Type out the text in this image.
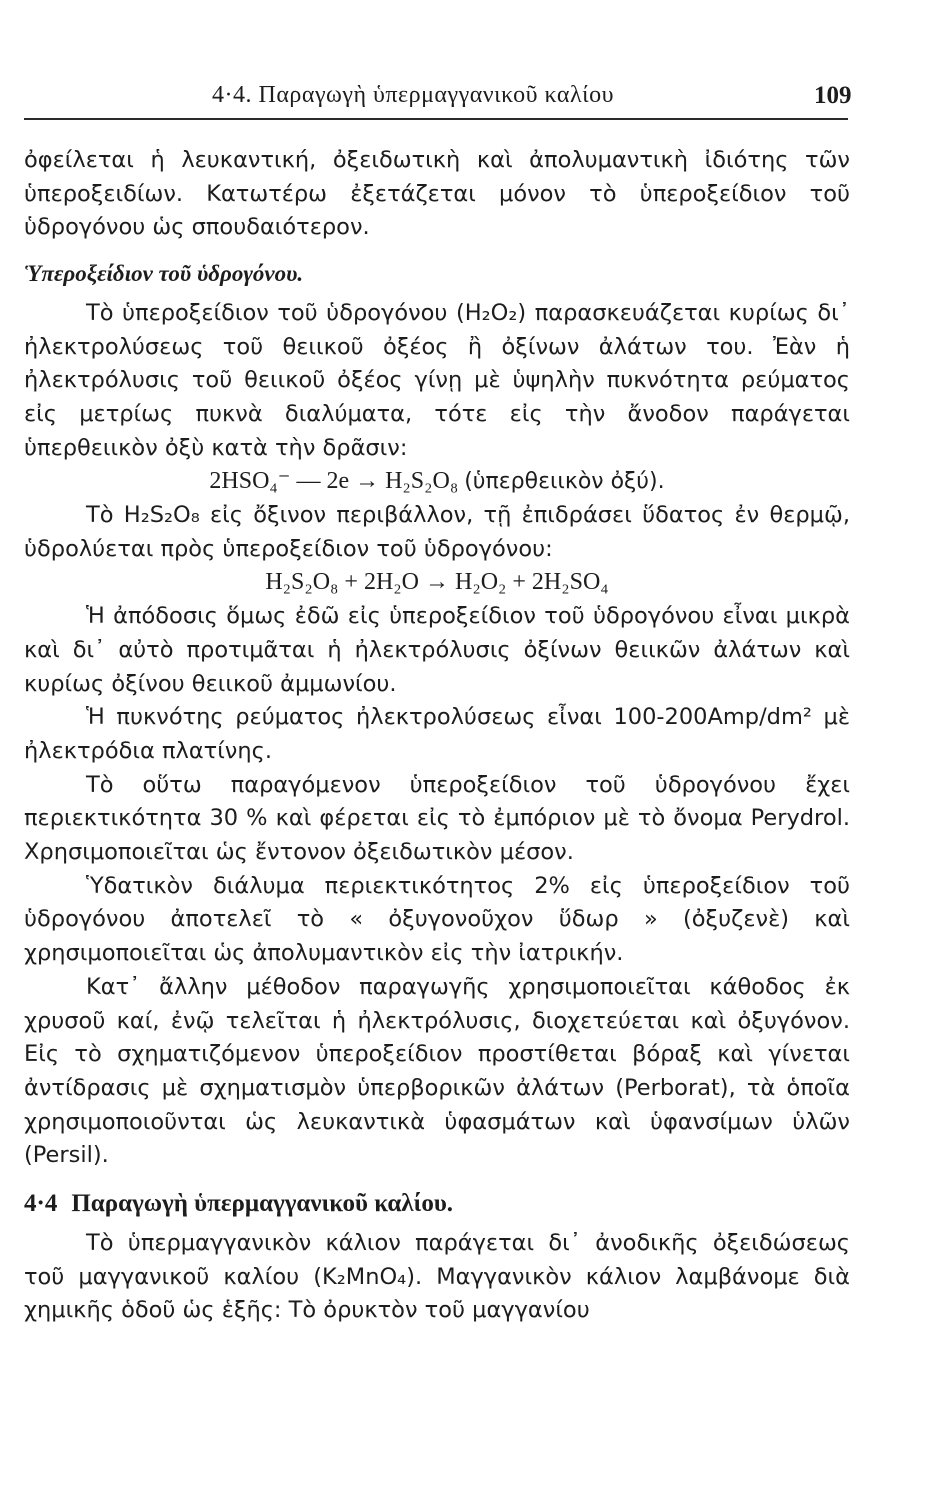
4·4. Παραγωγὴ ὑπερμαγγανικοῦ καλίου	109

ὀφείλεται ἡ λευκαντική, ὀξειδωτικὴ καὶ ἀπολυμαντικὴ ἰδιότης τῶν ὑπεροξειδίων. Κατωτέρω ἐξετάζεται μόνον τὸ ὑπεροξείδιον τοῦ ὑδρογόνου ὡς σπουδαιότερον.

Ὑπεροξείδιον τοῦ ὑδρογόνου.

Τὸ ὑπεροξείδιον τοῦ ὑδρογόνου (H₂O₂) παρασκευάζεται κυρίως δι᾽ ἠλεκτρολύσεως τοῦ θειικοῦ ὀξέος ἢ ὀξίνων ἀλάτων του. Ἐὰν ἡ ἠλεκτρόλυσις τοῦ θειικοῦ ὀξέος γίνῃ μὲ ὑψηλὴν πυκνότητα ρεύματος εἰς μετρίως πυκνὰ διαλύματα, τότε εἰς τὴν ἄνοδον παράγεται ὑπερθειικὸν ὀξὺ κατὰ τὴν δρᾶσιν:

2HSO₄⁻ — 2e → H₂S₂O₈ (ὑπερθειικὸν ὀξύ).

Τὸ H₂S₂O₈ εἰς ὄξινον περιβάλλον, τῇ ἐπιδράσει ὕδατος ἐν θερμῷ, ὑδρολύεται πρὸς ὑπεροξείδιον τοῦ ὑδρογόνου:

H₂S₂O₈ + 2H₂O → H₂O₂ + 2H₂SO₄

Ἡ ἀπόδοσις ὅμως ἐδῶ εἰς ὑπεροξείδιον τοῦ ὑδρογόνου εἶναι μικρὰ καὶ δι᾽ αὐτὸ προτιμᾶται ἡ ἠλεκτρόλυσις ὀξίνων θειικῶν ἀλάτων καὶ κυρίως ὀξίνου θειικοῦ ἀμμωνίου.

Ἡ πυκνότης ρεύματος ἠλεκτρολύσεως εἶναι 100-200Amp/dm² μὲ ἠλεκτρόδια πλατίνης.

Τὸ οὕτω παραγόμενον ὑπεροξείδιον τοῦ ὑδρογόνου ἔχει περιεκτικότητα 30 % καὶ φέρεται εἰς τὸ ἐμπόριον μὲ τὸ ὄνομα Perydrol. Χρησιμοποιεῖται ὡς ἔντονον ὀξειδωτικὸν μέσον.

Ὑδατικὸν διάλυμα περιεκτικότητος 2% εἰς ὑπεροξείδιον τοῦ ὑδρογόνου ἀποτελεῖ τὸ « ὀξυγονοῦχον ὕδωρ » (ὀξυζενὲ) καὶ χρησιμοποιεῖται ὡς ἀπολυμαντικὸν εἰς τὴν ἰατρικήν.

Κατ᾽ ἄλλην μέθοδον παραγωγῆς χρησιμοποιεῖται κάθοδος ἐκ χρυσοῦ καί, ἐνῷ τελεῖται ἡ ἠλεκτρόλυσις, διοχετεύεται καὶ ὀξυγόνον. Εἰς τὸ σχηματιζόμενον ὑπεροξείδιον προστίθεται βόραξ καὶ γίνεται ἀντίδρασις μὲ σχηματισμὸν ὑπερβορικῶν ἀλάτων (Perborat), τὰ ὁποῖα χρησιμοποιοῦνται ὡς λευκαντικὰ ὑφασμάτων καὶ ὑφανσίμων ὑλῶν (Persil).

4·4 Παραγωγὴ ὑπερμαγγανικοῦ καλίου.

Τὸ ὑπερμαγγανικὸν κάλιον παράγεται δι᾽ ἀνοδικῆς ὀξειδώσεως τοῦ μαγγανικοῦ καλίου (K₂MnO₄). Μαγγανικὸν κάλιον λαμβάνομε διὰ χημικῆς ὁδοῦ ὡς ἑξῆς: Τὸ ὀρυκτὸν τοῦ μαγγανίου
